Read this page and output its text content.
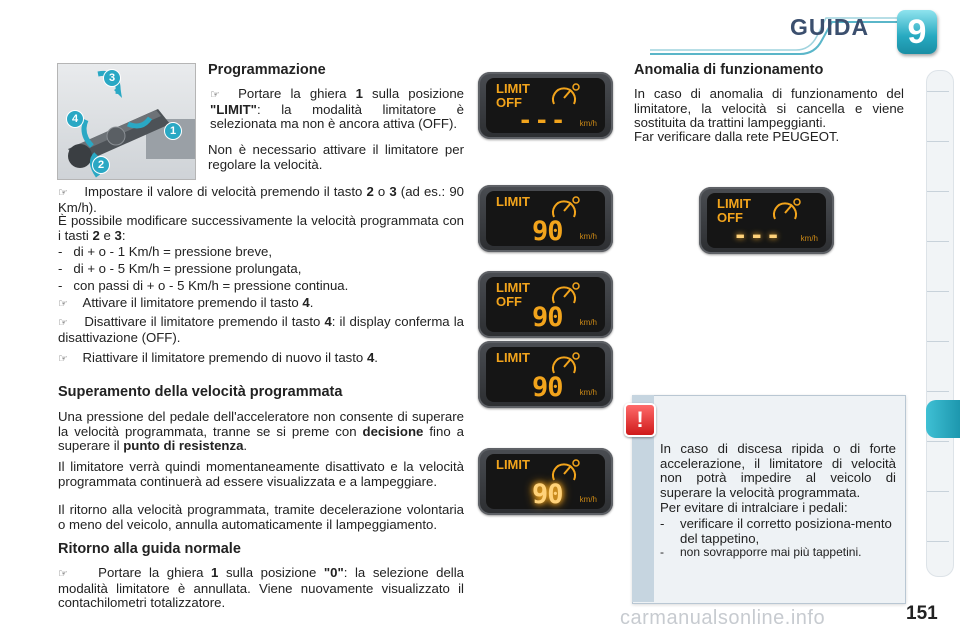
GUIDA	9
3
4
1
2
Programmazione
☞ Portare la ghiera 1 sulla posizione "LIMIT": la modalità limitatore è selezionata ma non è ancora attiva (OFF).
Non è necessario attivare il limitatore per regolare la velocità.
☞ Impostare il valore di velocità premendo il tasto 2 o 3 (ad es.: 90 Km/h).
È possibile modificare successivamente la velocità programmata con i tasti 2 e 3:
-   di + o - 1 Km/h = pressione breve,
-   di + o - 5 Km/h = pressione prolungata,
-   con passi di + o - 5 Km/h = pressione continua.
☞ Attivare il limitatore premendo il tasto 4.
☞ Disattivare il limitatore premendo il tasto 4: il display conferma la disattivazione (OFF).
☞ Riattivare il limitatore premendo di nuovo il tasto 4.
Superamento della velocità programmata
Una pressione del pedale dell'acceleratore non consente di superare la velocità programmata, tranne se si preme con decisione fino a superare il punto di resistenza.
Il limitatore verrà quindi momentaneamente disattivato e la velocità programmata continuerà ad essere visualizzata e a lampeggiare.
Il ritorno alla velocità programmata, tramite decelerazione volontaria o meno del veicolo, annulla automaticamente il lampeggiamento.
Ritorno alla guida normale
☞ Portare la ghiera 1 sulla posizione "0": la selezione della modalità limitatore è annullata. Viene nuovamente visualizzato il contachilometri totalizzatore.
LIMIT
OFF
--- km/h
LIMIT
90 km/h
LIMIT
OFF
90 km/h
LIMIT
90 km/h
LIMIT
90 km/h
Anomalia di funzionamento
In caso di anomalia di funzionamento del limitatore, la velocità si cancella e viene sostituita da trattini lampeggianti.
Far verificare dalla rete PEUGEOT.
LIMIT
OFF
--- km/h
!
In caso di discesa ripida o di forte accelerazione, il limitatore di velocità non potrà impedire al veicolo di superare la velocità programmata.
Per evitare di intralciare i pedali:
- verificare il corretto posiziona-mento del tappetino,
- non sovrapporre mai più tappetini.
carmanualsonline.info	151
